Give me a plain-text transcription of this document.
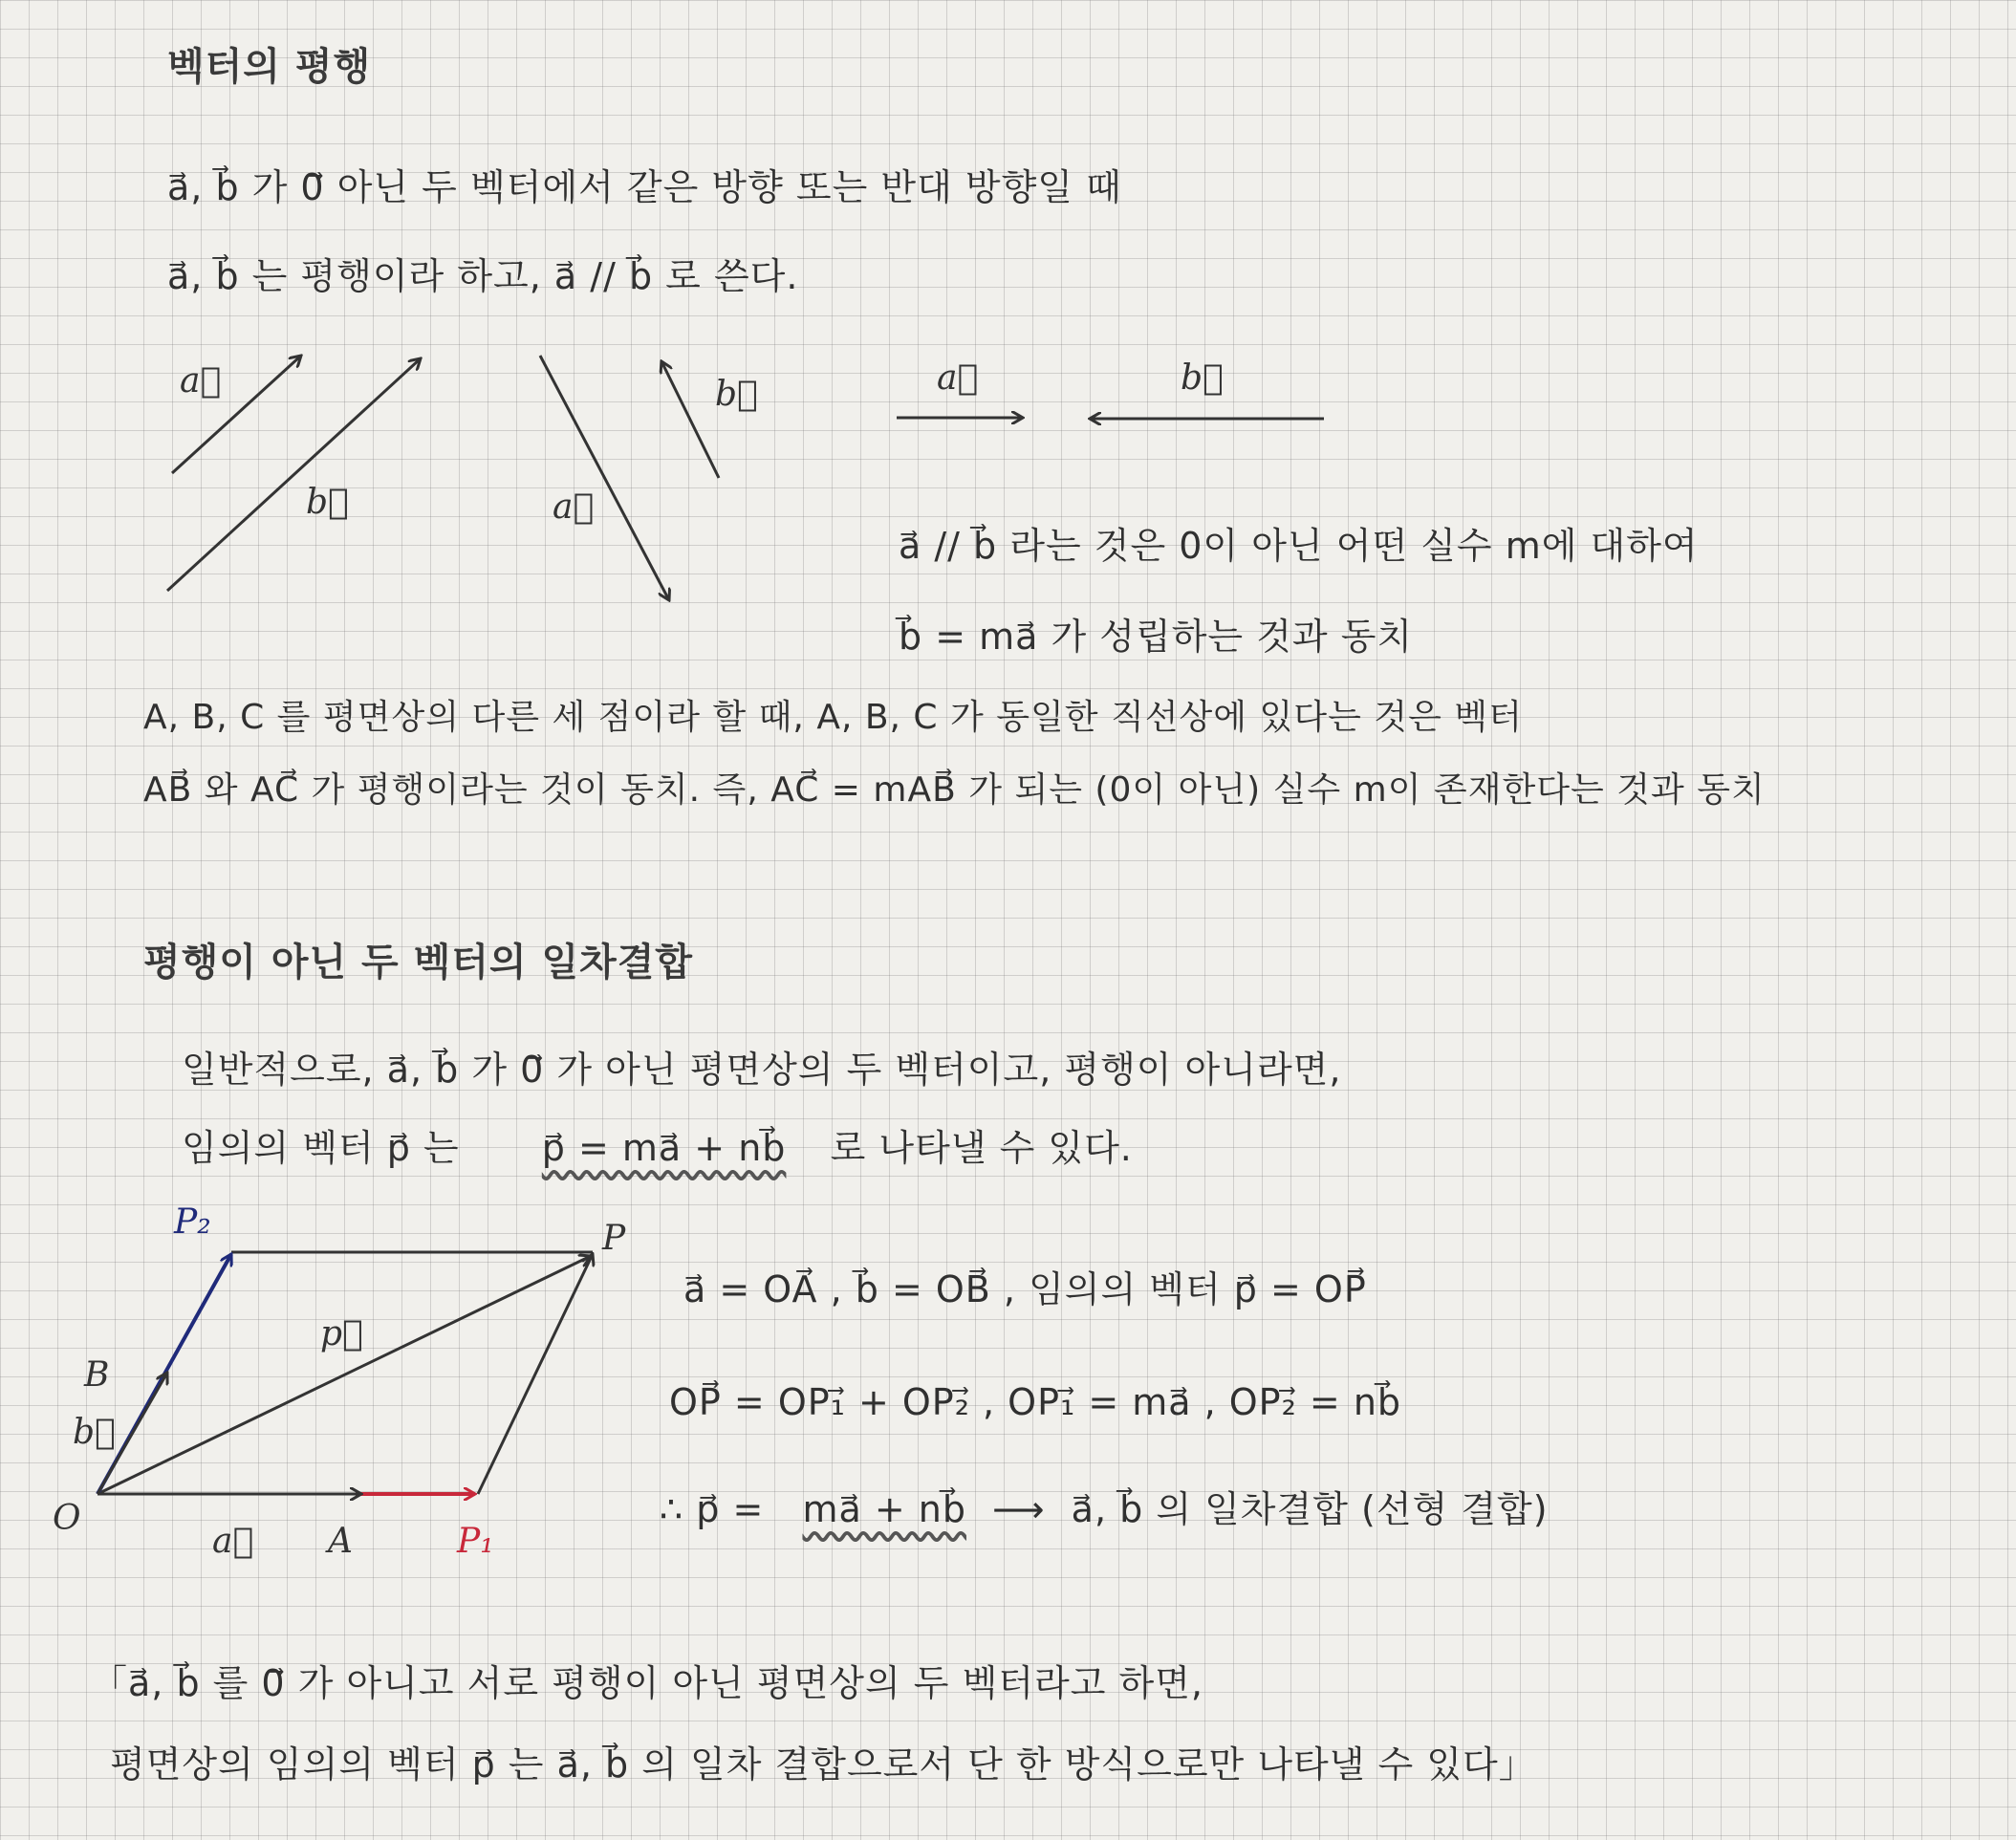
벡터의 평행
a⃗, b⃗ 가 0⃗ 아닌 두 벡터에서 같은 방향 또는 반대 방향일 때
a⃗, b⃗ 는 평행이라 하고, a⃗ // b⃗ 로 쓴다.
a⃗
b⃗	a⃗
b⃗	a⃗	b⃗
a⃗ // b⃗ 라는 것은 0이 아닌 어떤 실수 m에 대하여
b⃗ = ma⃗ 가 성립하는 것과 동치
A, B, C 를 평면상의 다른 세 점이라 할 때, A, B, C 가 동일한 직선상에 있다는 것은 벡터
AB⃗ 와 AC⃗ 가 평행이라는 것이 동치. 즉, AC⃗ = mAB⃗ 가 되는 (0이 아닌) 실수 m이 존재한다는 것과 동치
평행이 아닌 두 벡터의 일차결합
일반적으로, a⃗, b⃗ 가 0⃗ 가 아닌 평면상의 두 벡터이고, 평행이 아니라면,
임의의 벡터 p⃗ 는 p⃗ = ma⃗ + nb⃗ 로 나타낼 수 있다.
P₂	P
p⃗
B
b⃗
O
a⃗ A	P₁
a⃗ = OA⃗ , b⃗ = OB⃗ , 임의의 벡터 p⃗ = OP⃗
OP⃗ = OP₁⃗ + OP₂⃗ , OP₁⃗ = ma⃗ , OP₂⃗ = nb⃗
∴ p⃗ = ma⃗ + nb⃗ ⟶ a⃗, b⃗ 의 일차결합 (선형 결합)
「a⃗, b⃗ 를 0⃗ 가 아니고 서로 평행이 아닌 평면상의 두 벡터라고 하면,
평면상의 임의의 벡터 p⃗ 는 a⃗, b⃗ 의 일차 결합으로서 단 한 방식으로만 나타낼 수 있다」
